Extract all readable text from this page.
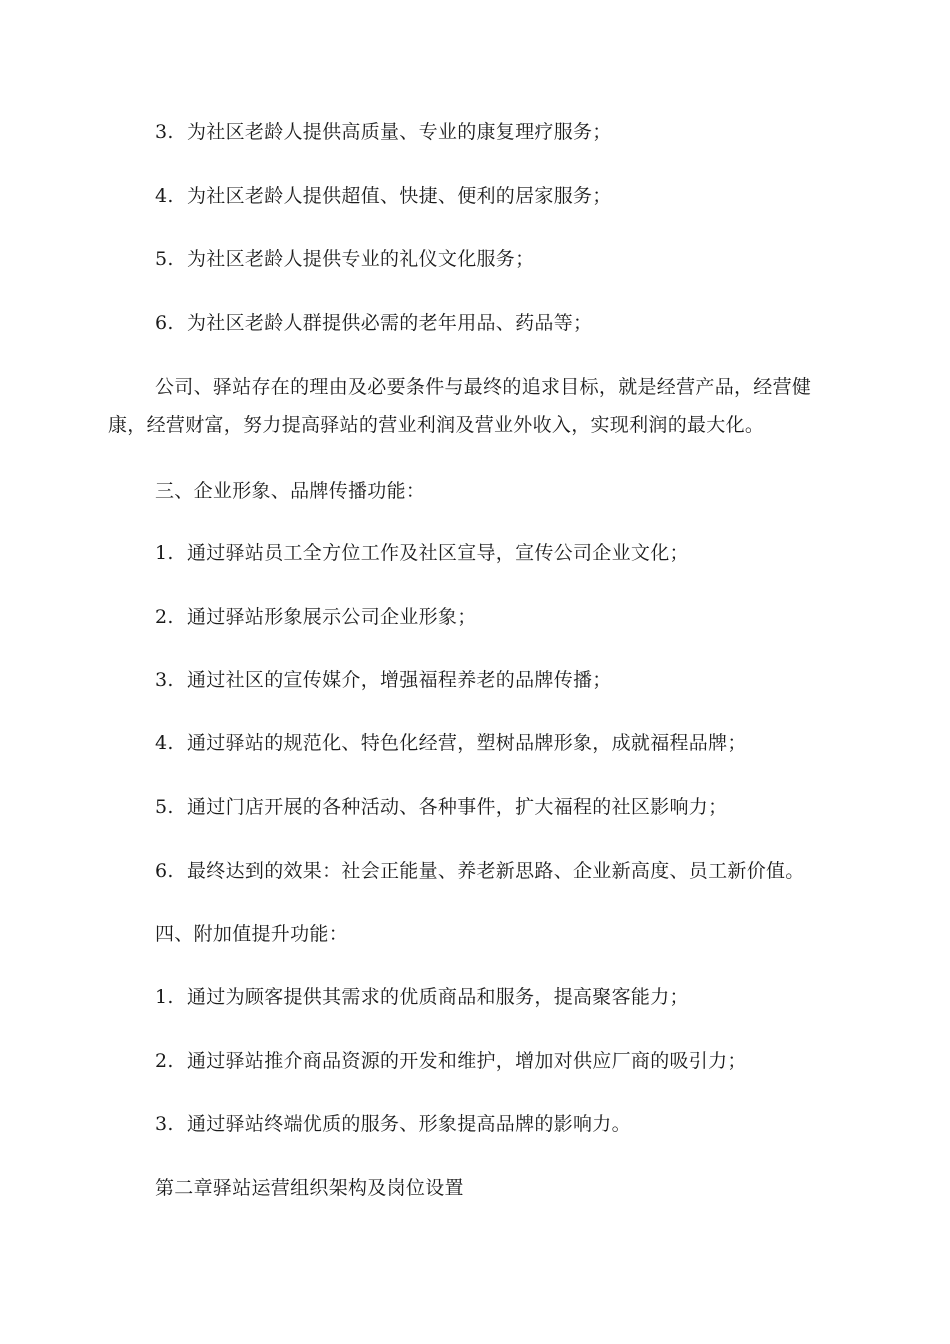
3. 为社区老龄人提供高质量、专业的康复理疗服务；
4. 为社区老龄人提供超值、快捷、便利的居家服务；
5. 为社区老龄人提供专业的礼仪文化服务；
6. 为社区老龄人群提供必需的老年用品、药品等；
公司、驿站存在的理由及必要条件与最终的追求目标，就是经营产品，经营健康，经营财富，努力提高驿站的营业利润及营业外收入，实现利润的最大化。
三、企业形象、品牌传播功能：
1. 通过驿站员工全方位工作及社区宣导，宣传公司企业文化；
2. 通过驿站形象展示公司企业形象；
3. 通过社区的宣传媒介，增强福程养老的品牌传播；
4. 通过驿站的规范化、特色化经营，塑树品牌形象，成就福程品牌；
5. 通过门店开展的各种活动、各种事件，扩大福程的社区影响力；
6. 最终达到的效果：社会正能量、养老新思路、企业新高度、员工新价值。
四、附加值提升功能：
1. 通过为顾客提供其需求的优质商品和服务，提高聚客能力；
2. 通过驿站推介商品资源的开发和维护，增加对供应厂商的吸引力；
3. 通过驿站终端优质的服务、形象提高品牌的影响力。
第二章驿站运营组织架构及岗位设置
